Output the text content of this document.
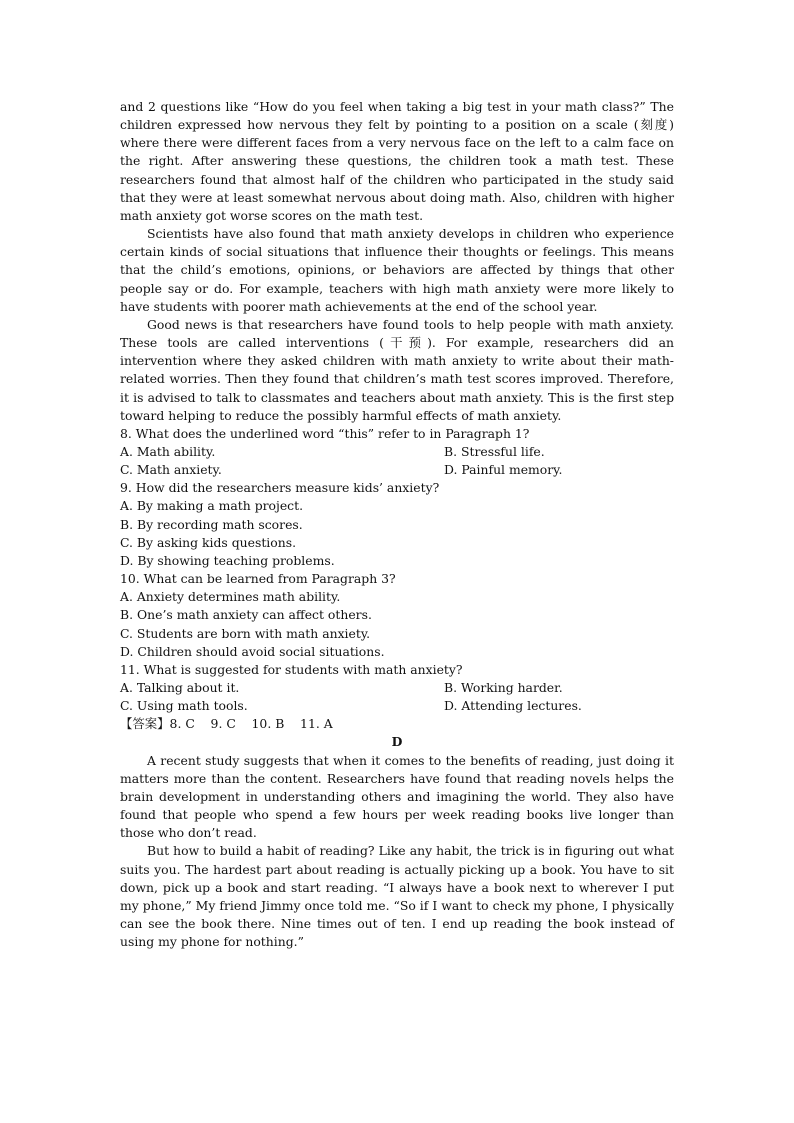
and 2 questions like “How do you feel when taking a big test in your math class?” The children expressed how nervous they felt by pointing to a position on a scale (刻度) where there were different faces from a very nervous face on the left to a calm face on the right. After answering these questions, the children took a math test. These researchers found that almost half of the children who participated in the study said that they were at least somewhat nervous about doing math. Also, children with higher math anxiety got worse scores on the math test.

Scientists have also found that math anxiety develops in children who experience certain kinds of social situations that influence their thoughts or feelings. This means that the child’s emotions, opinions, or behaviors are affected by things that other people say or do. For example, teachers with high math anxiety were more likely to have students with poorer math achievements at the end of the school year.

Good news is that researchers have found tools to help people with math anxiety. These tools are called interventions (干预). For example, researchers did an intervention where they asked children with math anxiety to write about their math-related worries. Then they found that children’s math test scores improved. Therefore, it is advised to talk to classmates and teachers about math anxiety. This is the first step toward helping to reduce the possibly harmful effects of math anxiety.

8. What does the underlined word “this” refer to in Paragraph 1?

A. Math ability.	B. Stressful life.
C. Math anxiety.	D. Painful memory.

9. How did the researchers measure kids’ anxiety?

A. By making a math project.

B. By recording math scores.

C. By asking kids questions.

D. By showing teaching problems.

10. What can be learned from Paragraph 3?

A. Anxiety determines math ability.

B. One’s math anxiety can affect others.

C. Students are born with math anxiety.

D. Children should avoid social situations.

11. What is suggested for students with math anxiety?

A. Talking about it.	B. Working harder.
C. Using math tools.	D. Attending lectures.

【答案】8. C    9. C    10. B    11. A

D

A recent study suggests that when it comes to the benefits of reading, just doing it matters more than the content. Researchers have found that reading novels helps the brain development in understanding others and imagining the world. They also have found that people who spend a few hours per week reading books live longer than those who don’t read.

But how to build a habit of reading? Like any habit, the trick is in figuring out what suits you. The hardest part about reading is actually picking up a book. You have to sit down, pick up a book and start reading. “I always have a book next to wherever I put my phone,” My friend Jimmy once told me. “So if I want to check my phone, I physically can see the book there. Nine times out of ten. I end up reading the book instead of using my phone for nothing.”
